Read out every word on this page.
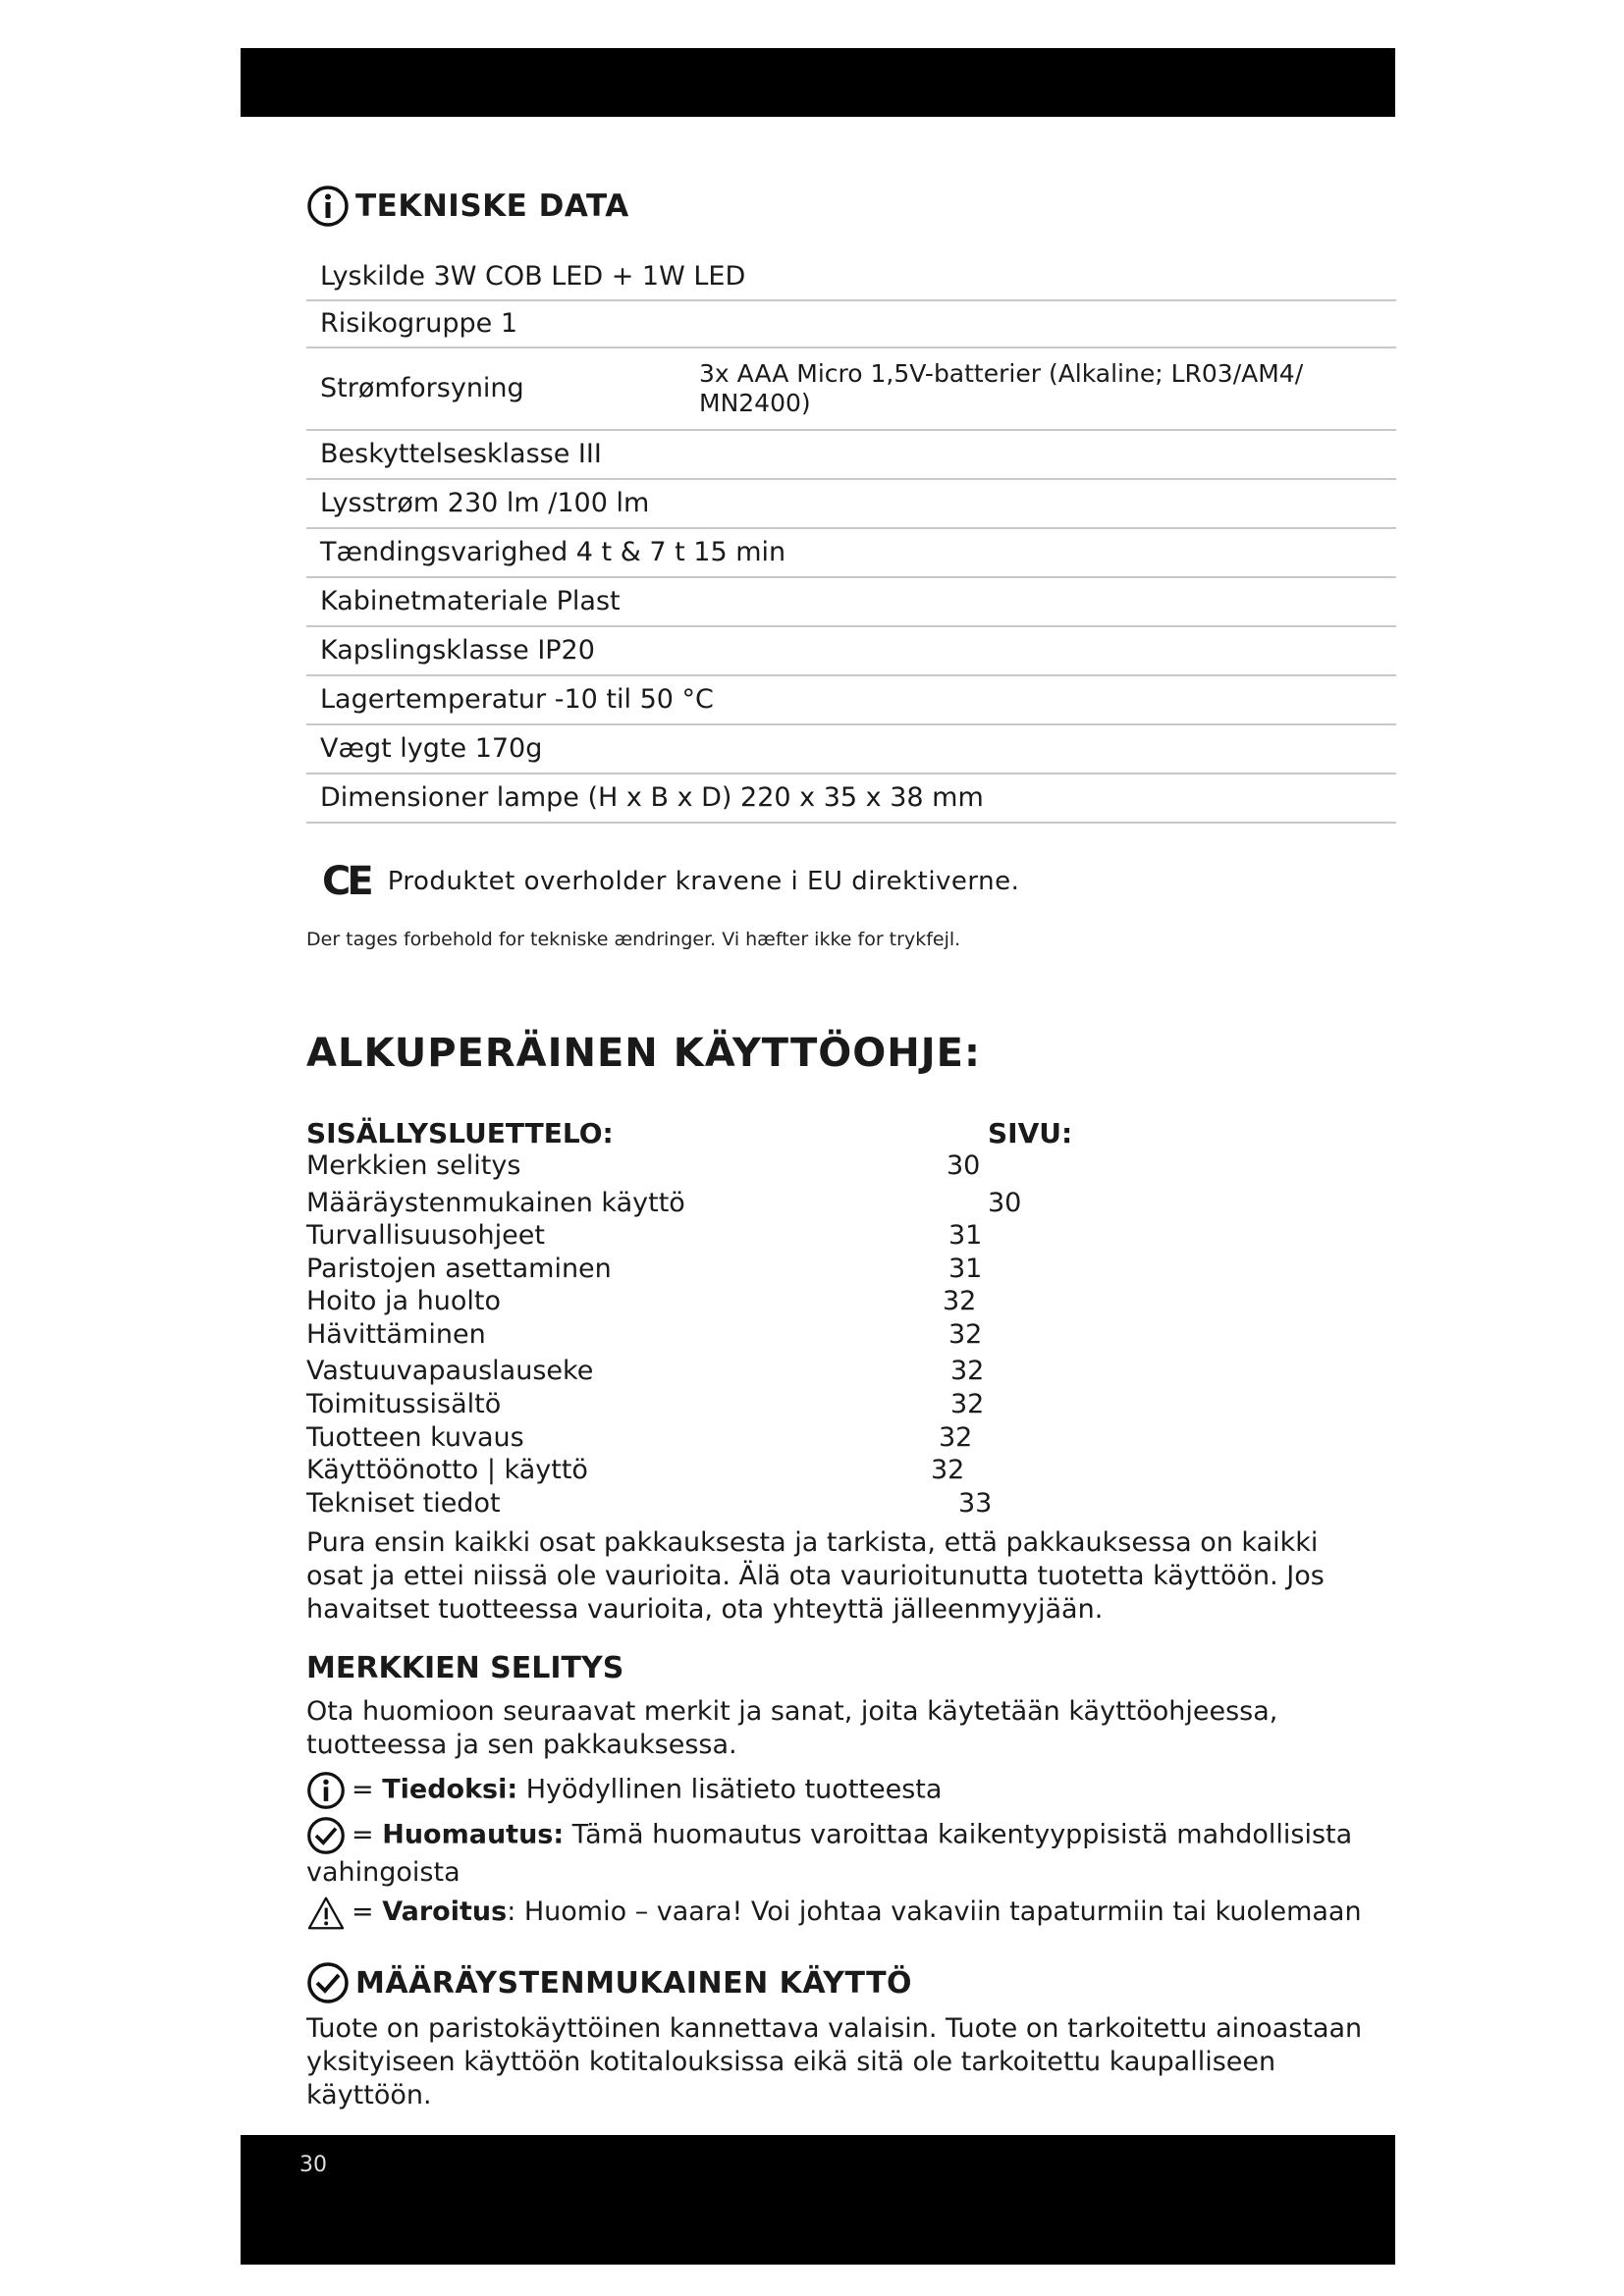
TEKNISKE DATA
Lyskilde 3W COB LED + 1W LED
Risikogruppe 1
Strømforsyning	3x AAA Micro 1,5V-batterier (Alkaline; LR03/AM4/ MN2400)
Beskyttelsesklasse III
Lysstrøm 230 lm /100 lm
Tændingsvarighed 4 t & 7 t 15 min
Kabinetmateriale Plast
Kapslingsklasse IP20
Lagertemperatur -10 til 50 °C
Vægt lygte 170g
Dimensioner lampe (H x B x D) 220 x 35 x 38 mm
CE Produktet overholder kravene i EU direktiverne.
Der tages forbehold for tekniske ændringer. Vi hæfter ikke for trykfejl.
ALKUPERÄINEN KÄYTTÖOHJE:
SISÄLLYSLUETTELO:	SIVU:
Merkkien selitys	30
Määräystenmukainen käyttö	30
Turvallisuusohjeet	31
Paristojen asettaminen	31
Hoito ja huolto	32
Hävittäminen	32
Vastuuvapauslauseke	32
Toimitussisältö	32
Tuotteen kuvaus	32
Käyttöönotto | käyttö	32
Tekniset tiedot	33
Pura ensin kaikki osat pakkauksesta ja tarkista, että pakkauksessa on kaikki osat ja ettei niissä ole vaurioita. Älä ota vaurioitunutta tuotetta käyttöön. Jos havaitset tuotteessa vaurioita, ota yhteyttä jälleenmyyjään.
MERKKIEN SELITYS
Ota huomioon seuraavat merkit ja sanat, joita käytetään käyttöohjeessa, tuotteessa ja sen pakkauksessa.
= Tiedoksi: Hyödyllinen lisätieto tuotteesta
= Huomautus: Tämä huomautus varoittaa kaikentyyppisistä mahdollisista vahingoista
= Varoitus: Huomio – vaara! Voi johtaa vakaviin tapaturmiin tai kuolemaan
MÄÄRÄYSTENMUKAINEN KÄYTTÖ
Tuote on paristokäyttöinen kannettava valaisin. Tuote on tarkoitettu ainoastaan yksityiseen käyttöön kotitalouksissa eikä sitä ole tarkoitettu kaupalliseen käyttöön.
30
